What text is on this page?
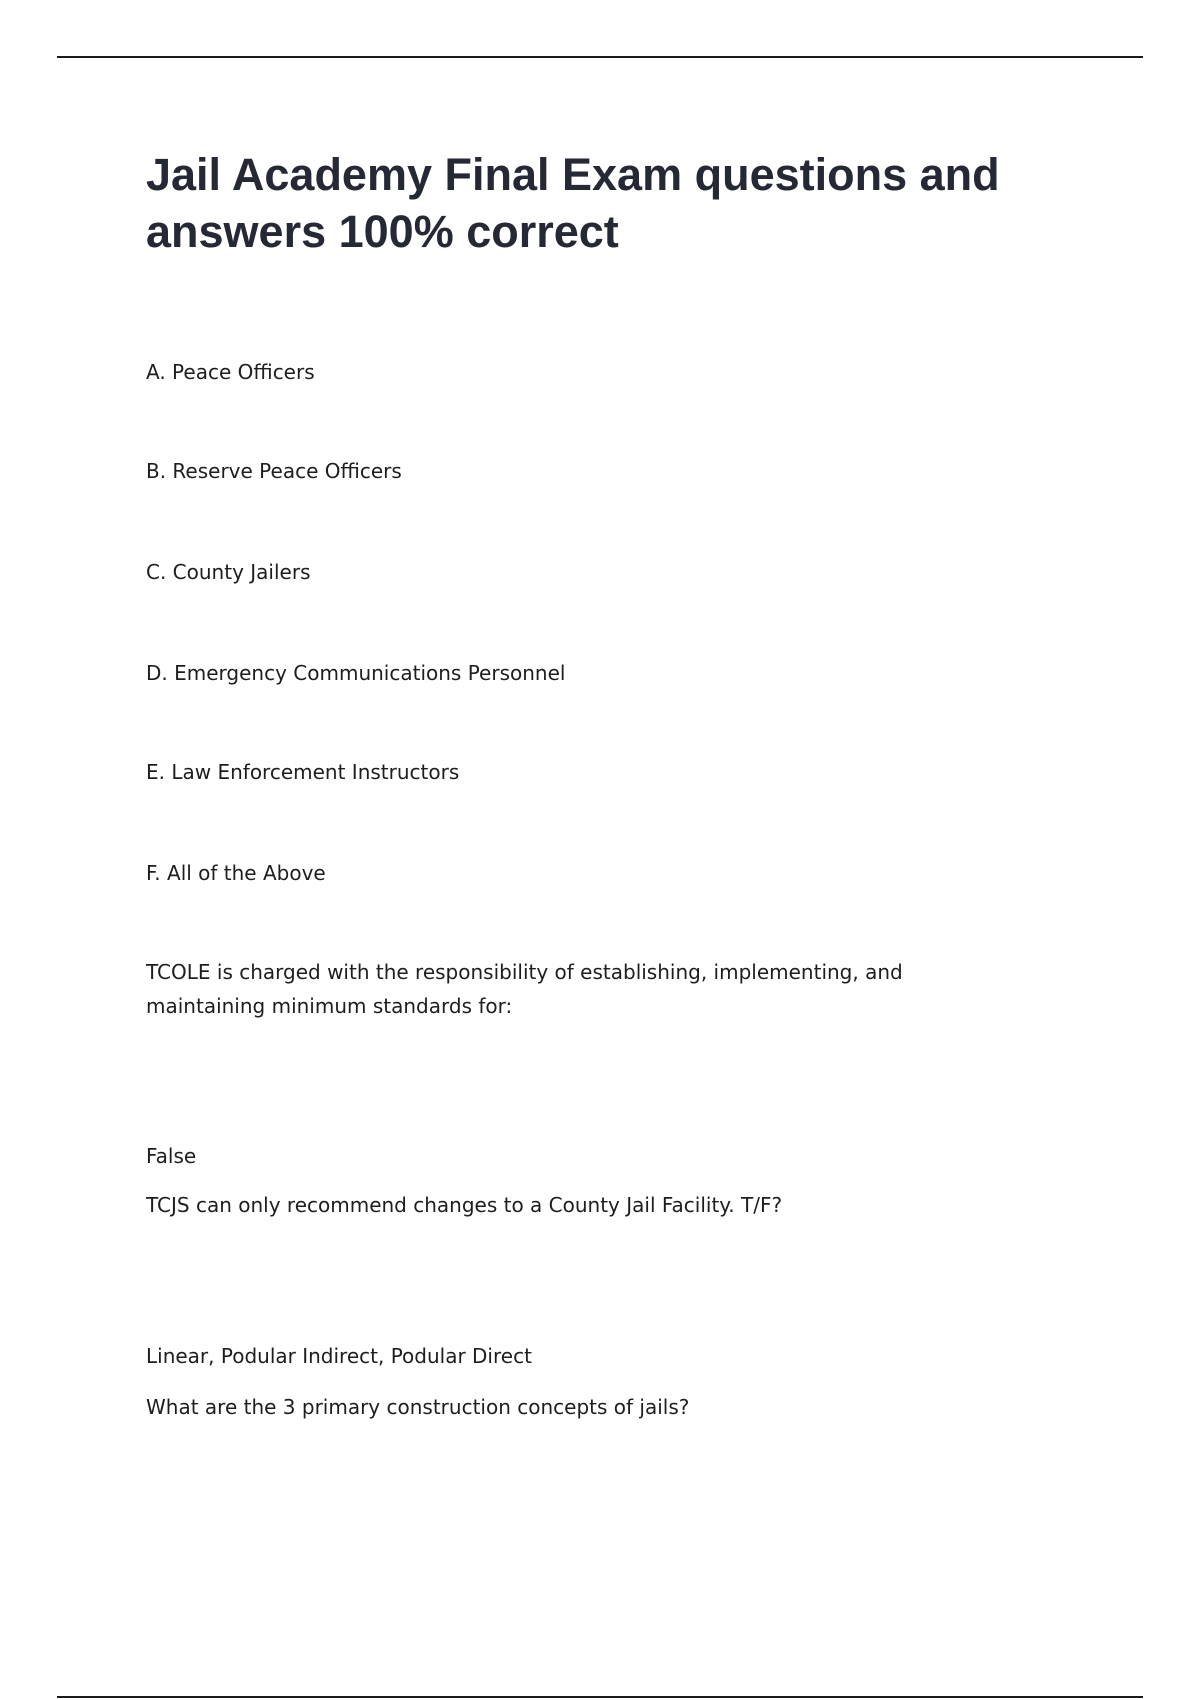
Jail Academy Final Exam questions and answers 100% correct

A. Peace Officers

B. Reserve Peace Officers

C. County Jailers

D. Emergency Communications Personnel

E. Law Enforcement Instructors

F. All of the Above

TCOLE is charged with the responsibility of establishing, implementing, and maintaining minimum standards for:

False

TCJS can only recommend changes to a County Jail Facility. T/F?

Linear, Podular Indirect, Podular Direct

What are the 3 primary construction concepts of jails?
